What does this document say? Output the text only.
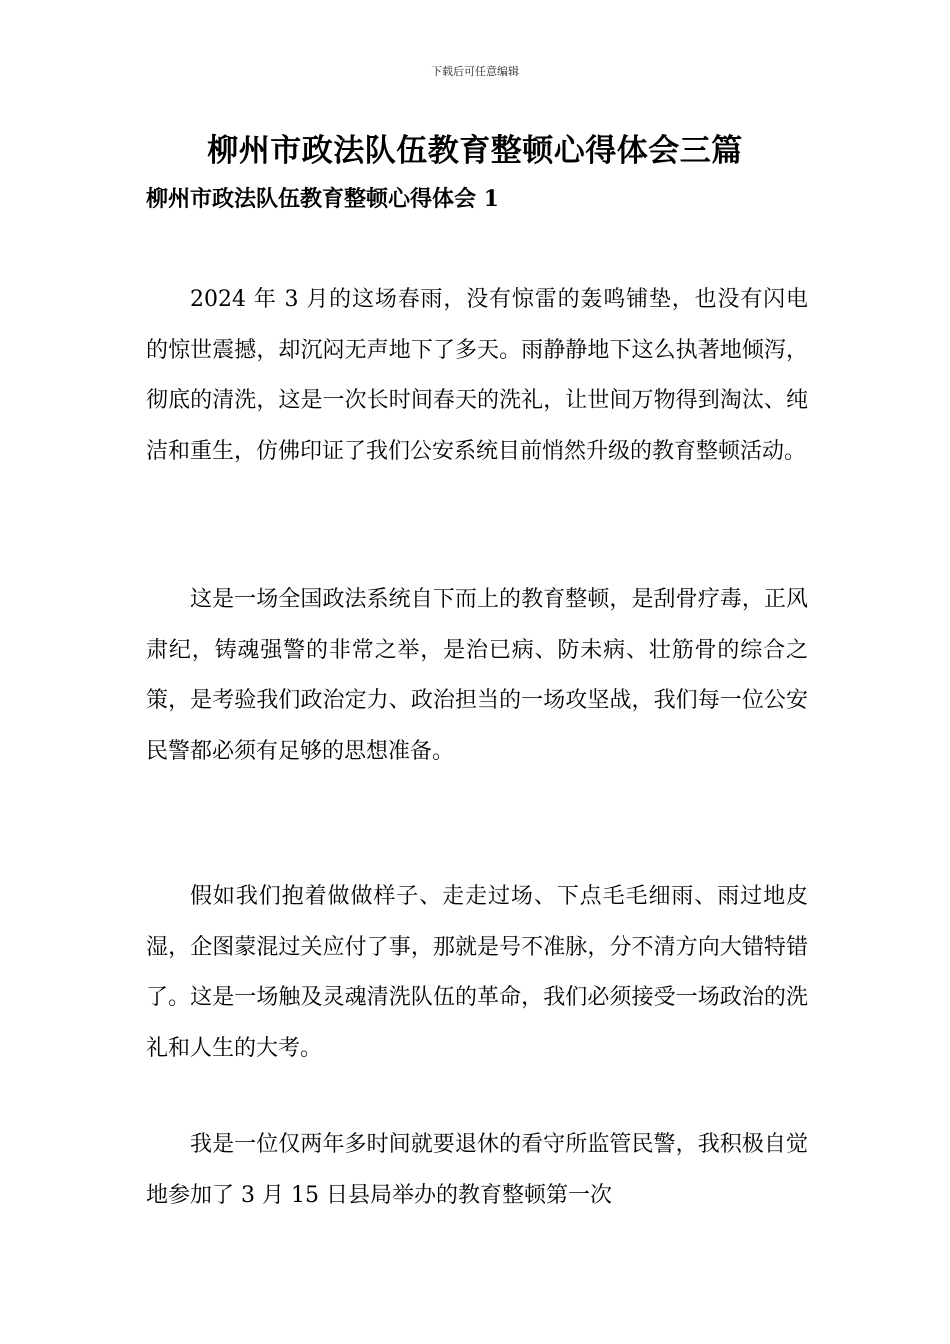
下载后可任意编辑
柳州市政法队伍教育整顿心得体会三篇
柳州市政法队伍教育整顿心得体会 1

2024 年 3 月的这场春雨，没有惊雷的轰鸣铺垫，也没有闪电的惊世震撼，却沉闷无声地下了多天。雨静静地下这么执著地倾泻，彻底的清洗，这是一次长时间春天的洗礼，让世间万物得到淘汰、纯洁和重生，仿佛印证了我们公安系统目前悄然升级的教育整顿活动。

这是一场全国政法系统自下而上的教育整顿，是刮骨疗毒，正风肃纪，铸魂强警的非常之举，是治已病、防未病、壮筋骨的综合之策，是考验我们政治定力、政治担当的一场攻坚战，我们每一位公安民警都必须有足够的思想准备。

假如我们抱着做做样子、走走过场、下点毛毛细雨、雨过地皮湿，企图蒙混过关应付了事，那就是号不准脉，分不清方向大错特错了。这是一场触及灵魂清洗队伍的革命，我们必须接受一场政治的洗礼和人生的大考。

我是一位仅两年多时间就要退休的看守所监管民警，我积极自觉地参加了 3 月 15 日县局举办的教育整顿第一次
